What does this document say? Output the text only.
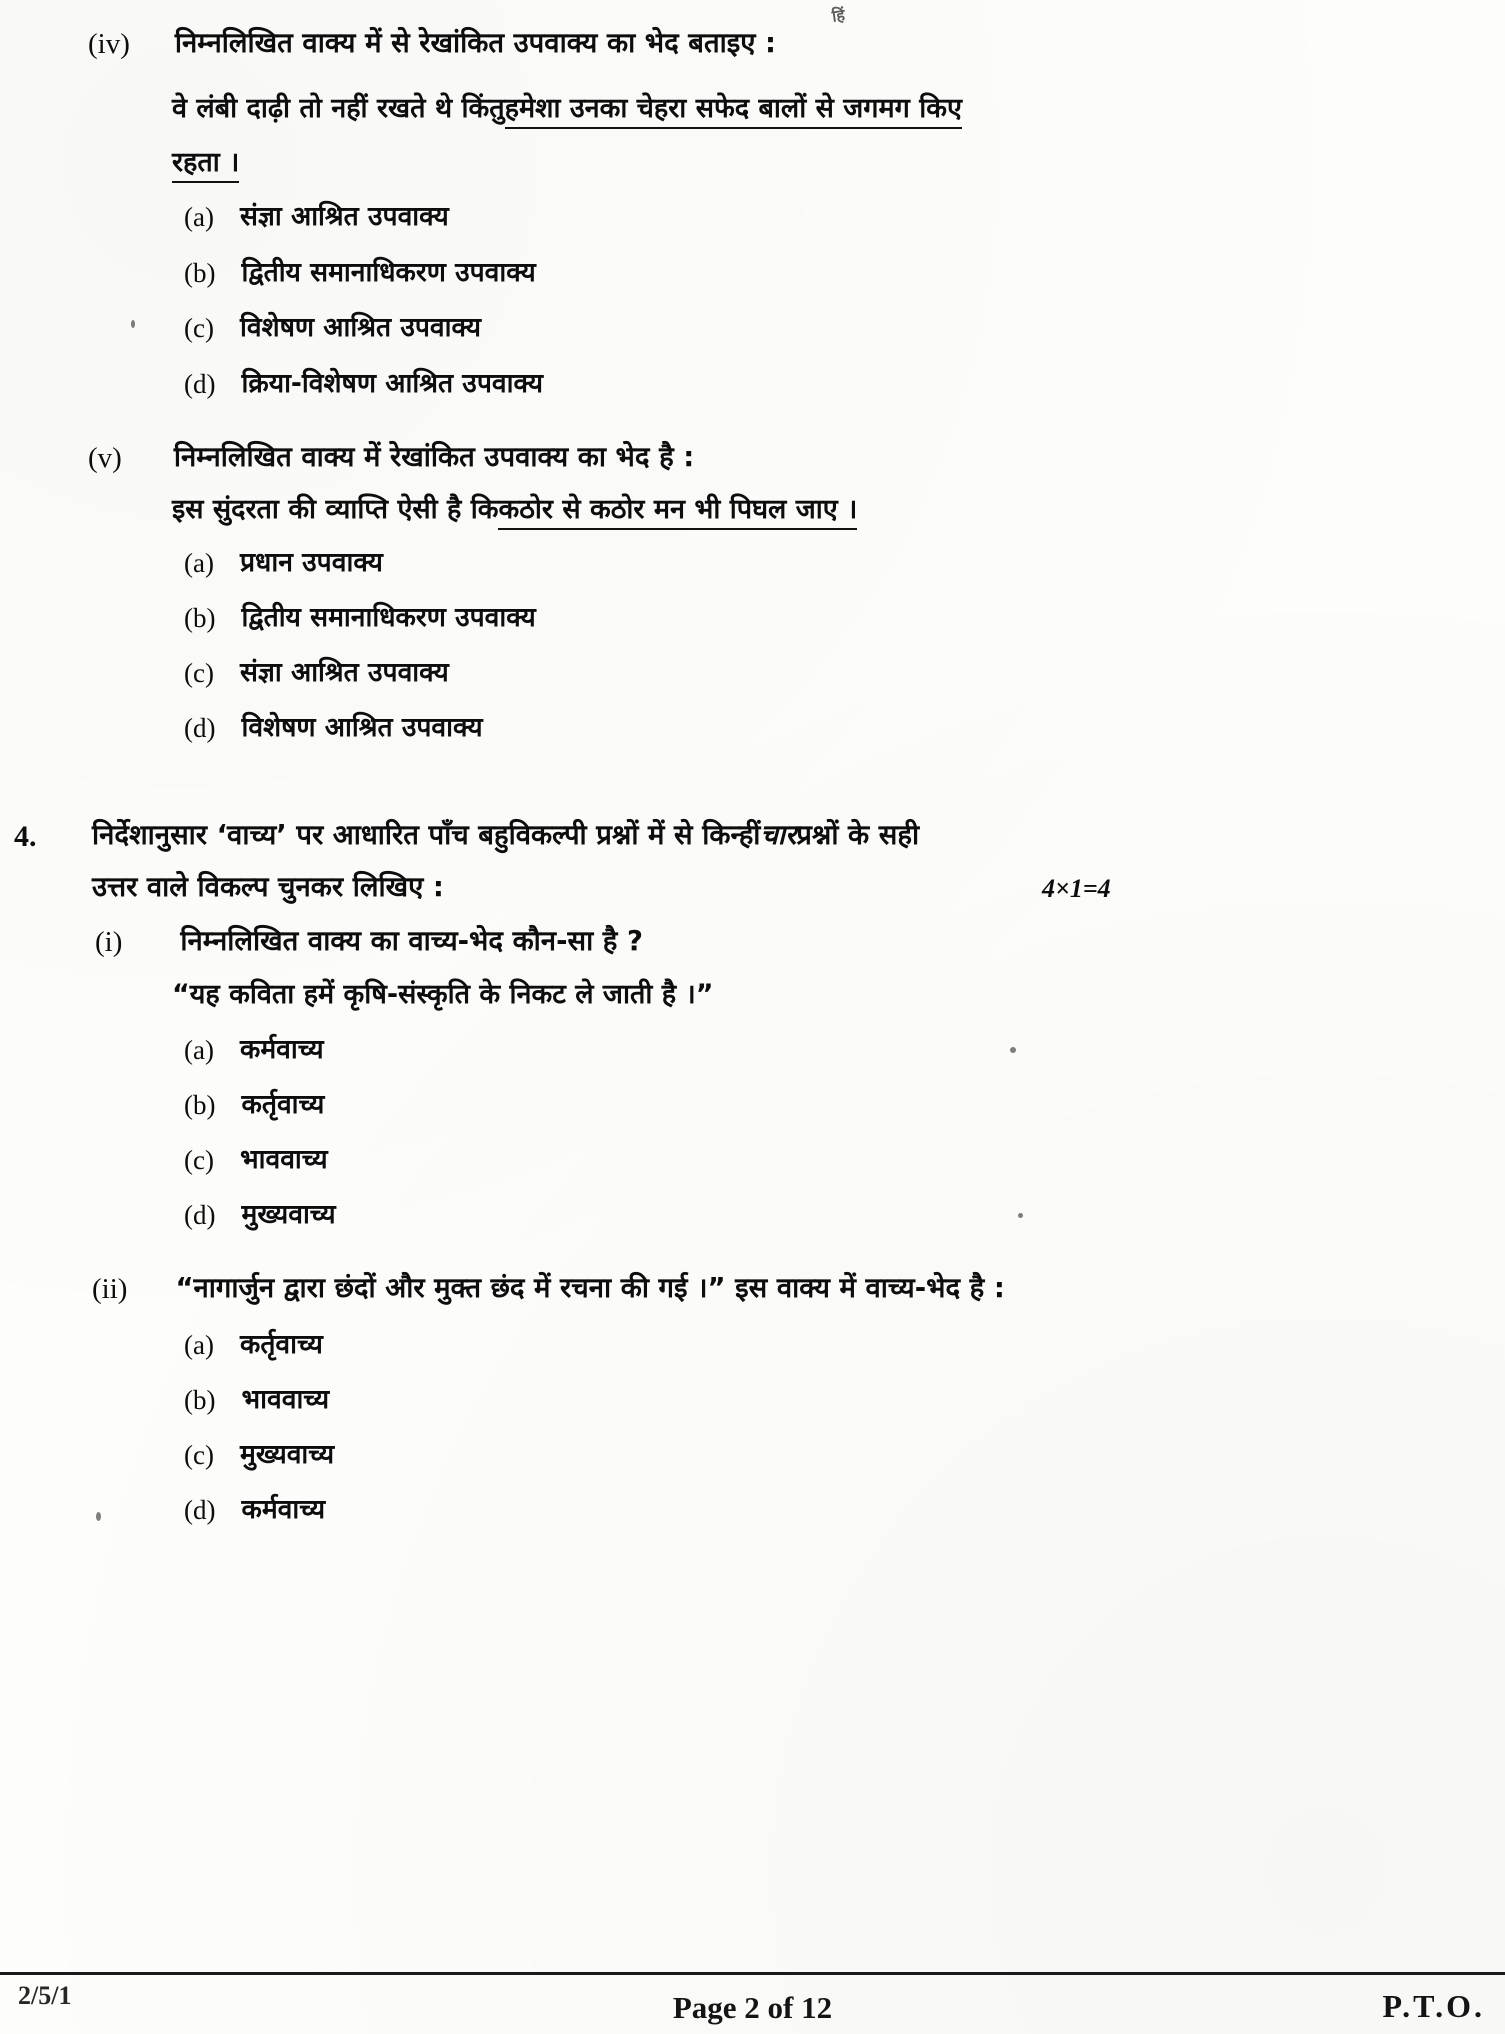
हिं
(iv) निम्नलिखित वाक्य में से रेखांकित उपवाक्य का भेद बताइए :
वे लंबी दाढ़ी तो नहीं रखते थे किंतु हमेशा उनका चेहरा सफेद बालों से जगमग किए
रहता ।
(a) संज्ञा आश्रित उपवाक्य
(b) द्वितीय समानाधिकरण उपवाक्य
(c) विशेषण आश्रित उपवाक्य
(d) क्रिया-विशेषण आश्रित उपवाक्य
(v) निम्नलिखित वाक्य में रेखांकित उपवाक्य का भेद है :
इस सुंदरता की व्याप्ति ऐसी है कि कठोर से कठोर मन भी पिघल जाए ।
(a) प्रधान उपवाक्य
(b) द्वितीय समानाधिकरण उपवाक्य
(c) संज्ञा आश्रित उपवाक्य
(d) विशेषण आश्रित उपवाक्य
4. निर्देशानुसार ‘वाच्य’ पर आधारित पाँच बहुविकल्पी प्रश्नों में से किन्हीं चार प्रश्नों के सही
उत्तर वाले विकल्प चुनकर लिखिए :	4×1=4
(i) निम्नलिखित वाक्य का वाच्य-भेद कौन-सा है ?
“यह कविता हमें कृषि-संस्कृति के निकट ले जाती है ।”
(a) कर्मवाच्य
(b) कर्तृवाच्य
(c) भाववाच्य
(d) मुख्यवाच्य
(ii) “नागार्जुन द्वारा छंदों और मुक्त छंद में रचना की गई ।” इस वाक्य में वाच्य-भेद है :
(a) कर्तृवाच्य
(b) भाववाच्य
(c) मुख्यवाच्य
(d) कर्मवाच्य
2/5/1	Page 2 of 12	P.T.O.
